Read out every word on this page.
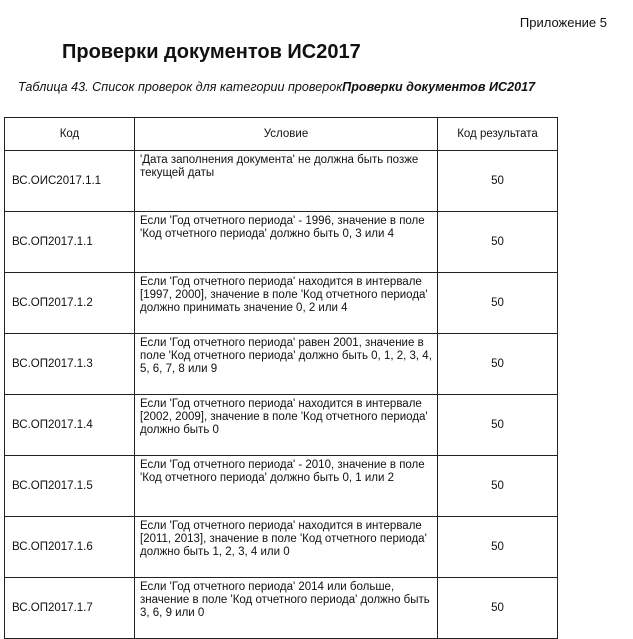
Приложение 5
Проверки документов ИС2017
Таблица 43. Список проверок для категории проверокПроверки документов ИС2017
Код	Условие	Код результата
ВС.ОИС2017.1.1	'Дата заполнения документа' не должна быть позже текущей даты	50
ВС.ОП2017.1.1	Если 'Год отчетного периода' - 1996, значение в поле 'Код отчетного периода' должно быть 0, 3 или 4	50
ВС.ОП2017.1.2	Если 'Год отчетного периода' находится в интервале [1997, 2000], значение в поле 'Код отчетного периода' должно принимать значение 0, 2 или 4	50
ВС.ОП2017.1.3	Если 'Год отчетного периода' равен 2001, значение в поле 'Код отчетного периода' должно быть 0, 1, 2, 3, 4, 5, 6, 7, 8 или 9	50
ВС.ОП2017.1.4	Если 'Год отчетного периода' находится в интервале [2002, 2009], значение в поле 'Код отчетного периода' должно быть 0	50
ВС.ОП2017.1.5	Если 'Год отчетного периода' - 2010, значение в поле 'Код отчетного периода' должно быть 0, 1 или 2	50
ВС.ОП2017.1.6	Если 'Год отчетного периода' находится в интервале [2011, 2013], значение в поле 'Код отчетного периода' должно быть 1, 2, 3, 4 или 0	50
ВС.ОП2017.1.7	Если 'Год отчетного периода' 2014 или больше, значение в поле 'Код отчетного периода' должно быть 3, 6, 9 или 0	50
